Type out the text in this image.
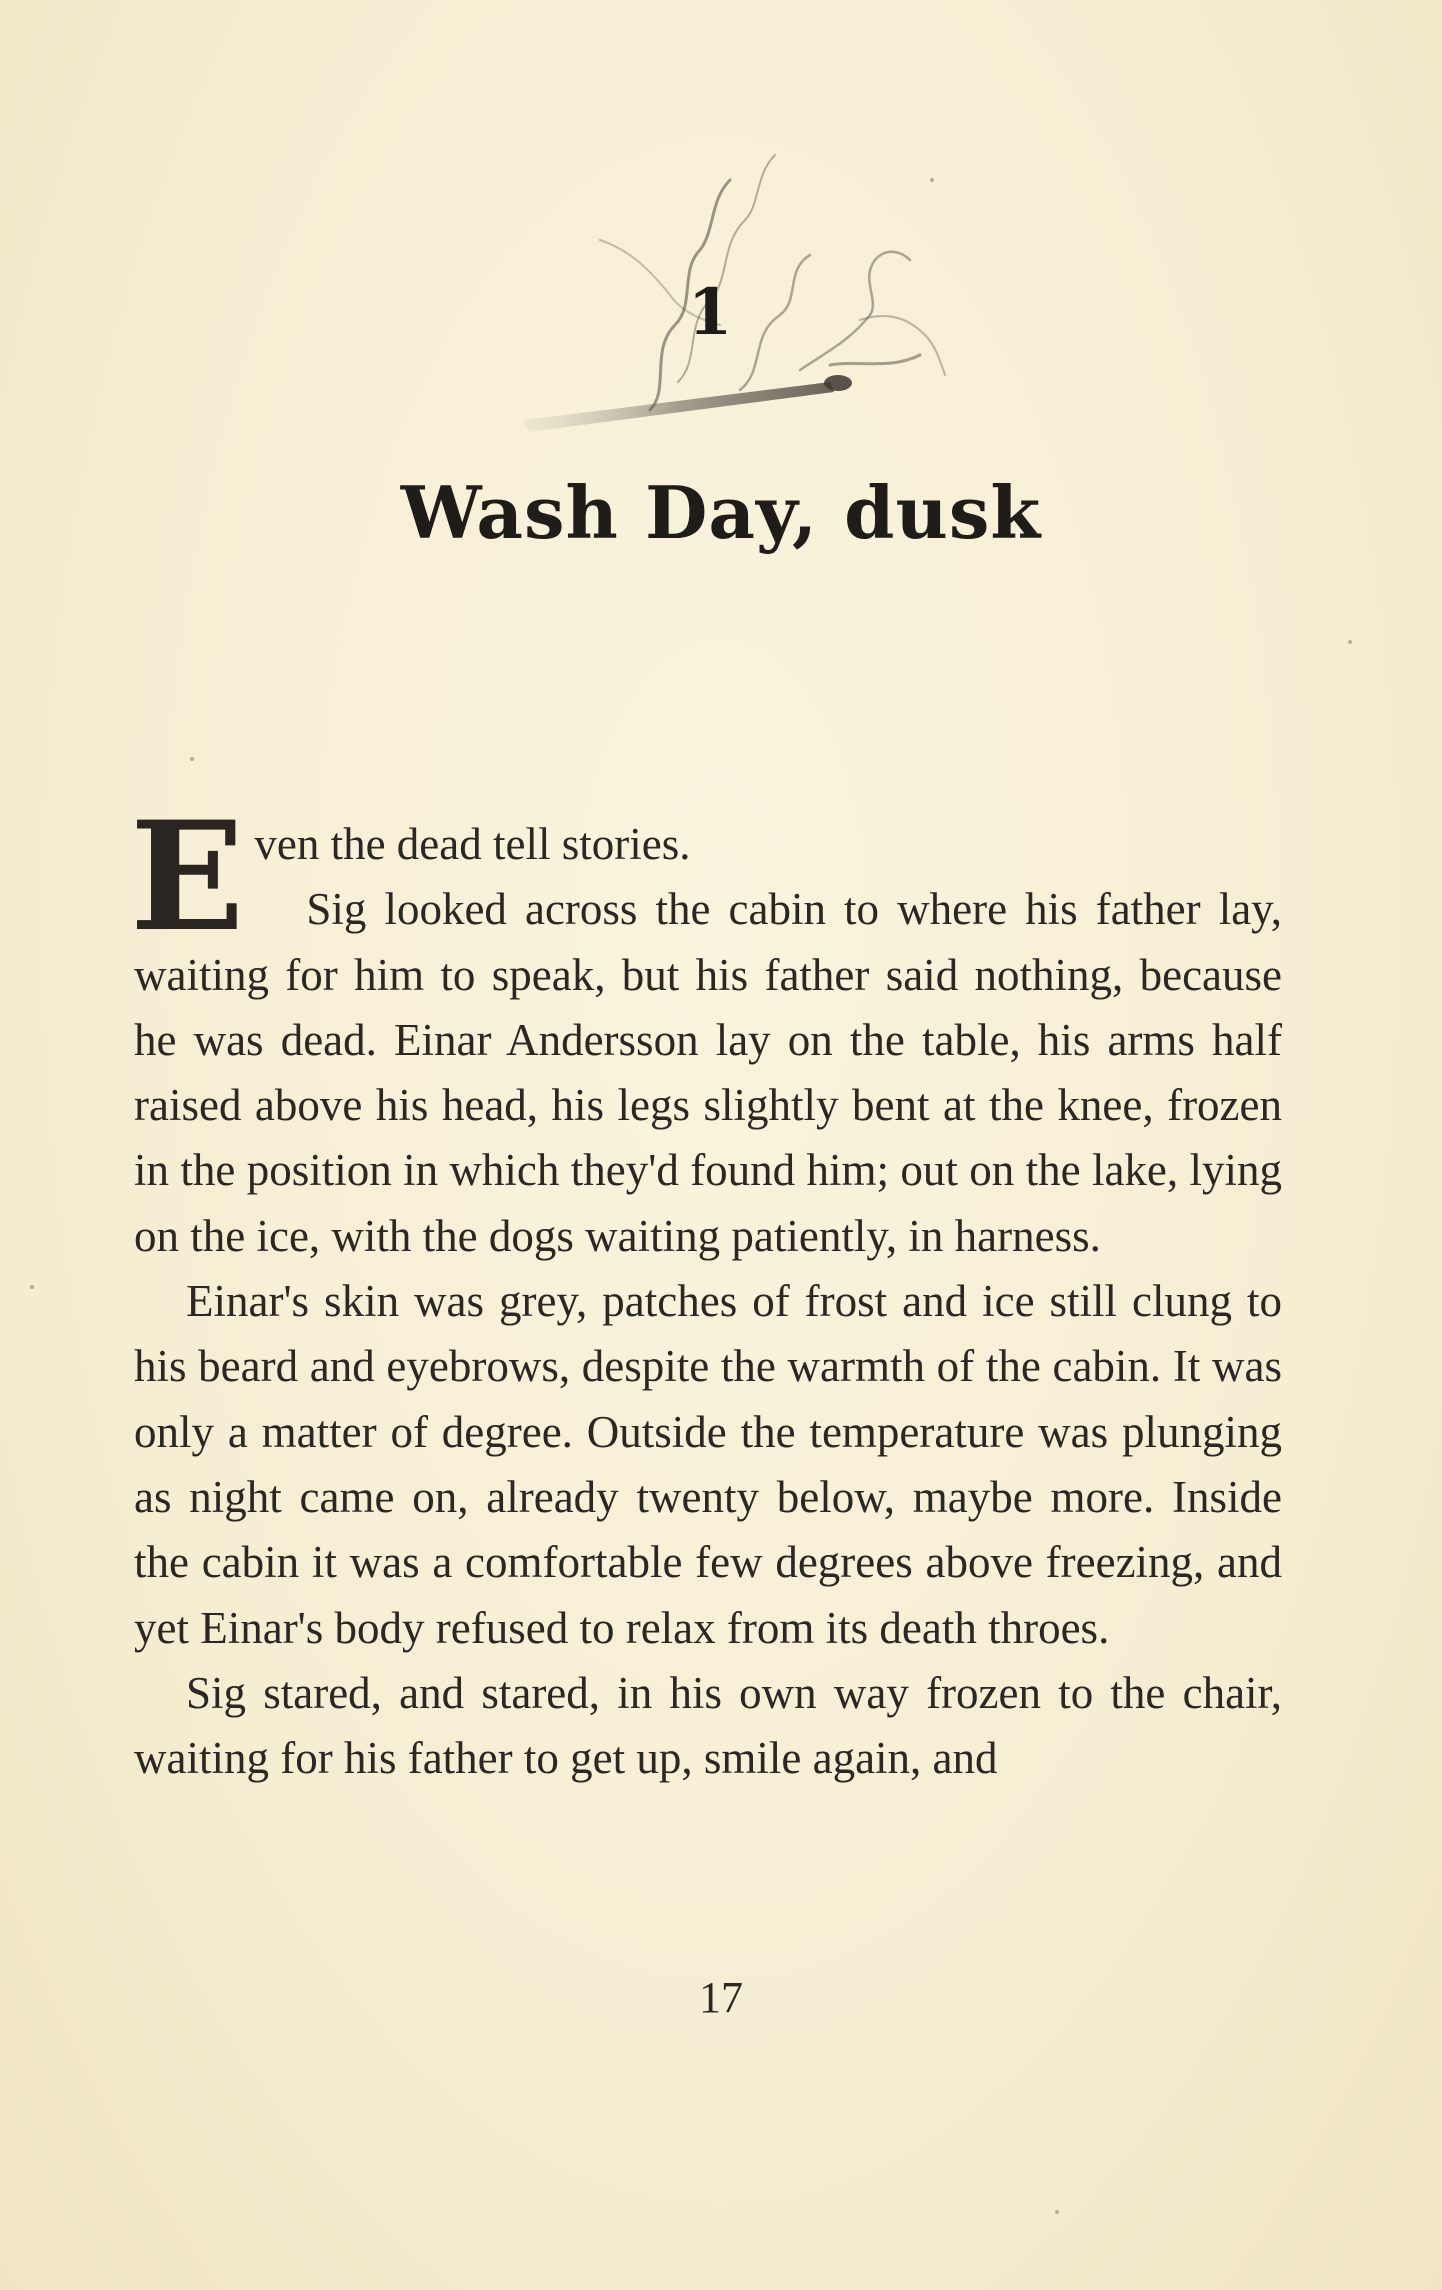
1
Wash Day, dusk

Even the dead tell stories.

Sig looked across the cabin to where his father lay, waiting for him to speak, but his father said nothing, because he was dead. Einar Andersson lay on the table, his arms half raised above his head, his legs slightly bent at the knee, frozen in the position in which they'd found him; out on the lake, lying on the ice, with the dogs waiting patiently, in harness.

Einar's skin was grey, patches of frost and ice still clung to his beard and eyebrows, despite the warmth of the cabin. It was only a matter of degree. Outside the temperature was plunging as night came on, already twenty below, maybe more. Inside the cabin it was a comfortable few degrees above freezing, and yet Einar's body refused to relax from its death throes.

Sig stared, and stared, in his own way frozen to the chair, waiting for his father to get up, smile again, and

17
